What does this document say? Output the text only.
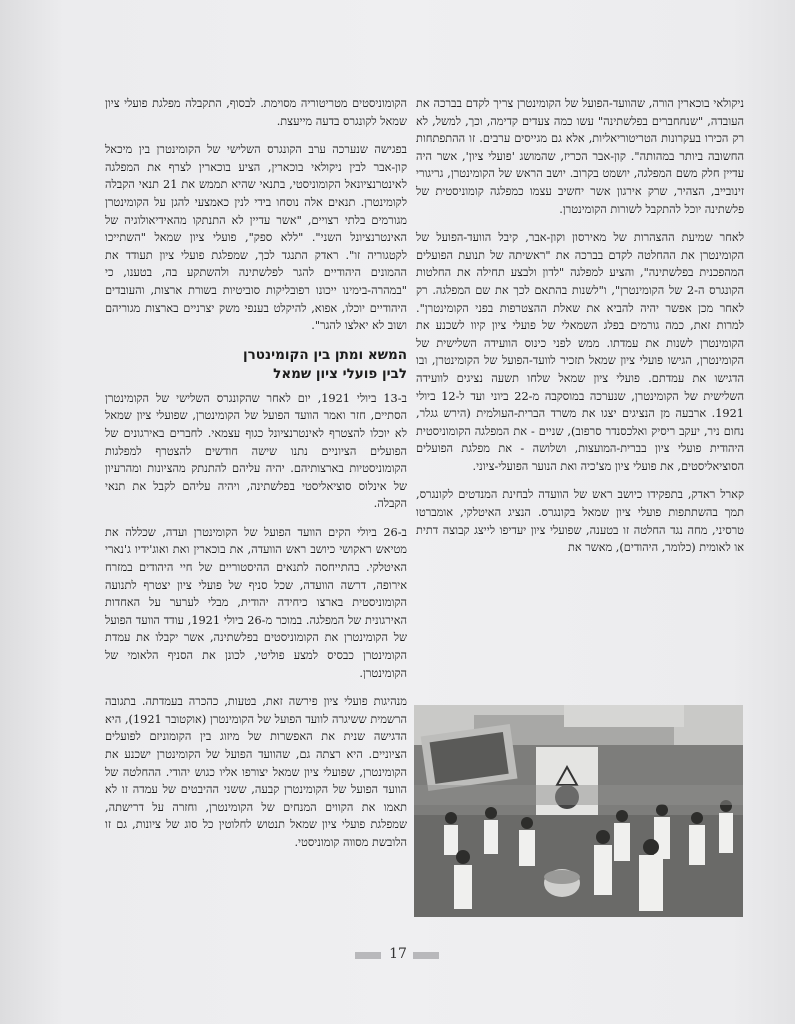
ניקולאי בוכארין הורה, שהוועד-הפועל של הקומינטרן צריך לקדם בברכה את העובדה, "שנחחברים בפלשתינה" עשו כמה צעדים קדימה, וכך, למשל, לא רק הכירו בעקרונות הטריטוריאליות, אלא גם מגייסים ערבים. זו ההתפתחות החשובה ביותר במהותה". קון-אבר הכריז, שהמושג 'פועלי ציון', אשר היה עדיין חלק משם המפלגה, יושמט בקרוב. יושב הראש של הקומינטרן, גריגורי זינובייב, הצהיר, שרק אירגון אשר יחשיב עצמו כמפלגה קומוניסטית של פלשתינה יוכל להתקבל לשורות הקומינטרן.

לאחר שמיעת ההצהרות של מאירסון וקון-אבר, קיבל הוועד-הפועל של הקומינטרן את ההחלטה לקדם בברכה את "ראשיתה של תנועת הפועלים המהפכנית בפלשתינה", והציע למפלגה "לדון ולבצע תחילה את החלטות הקונגרס ה-2 של הקומינטרן", ו"לשנות בהתאם לכך את שם המפלגה. רק לאחר מכן אפשר יהיה להביא את שאלת ההצטרפות בפני הקומינטרן". למרות זאת, כמה גורמים בפלג השמאלי של פועלי ציון קיוו לשכנע את הקומינטרן לשנות את עמדתו. ממש לפני כינוס הוועידה השלישית של הקומינטרן, הגישו פועלי ציון שמאל תזכיר לוועד-הפועל של הקומינטרן, ובו הדגישו את עמדתם. פועלי ציון שמאל שלחו תשעה נציגים לוועידה השלישית של הקומינטרן, שנערכה במוסקבה מ-22 ביוני ועד ל-12 ביולי 1921. ארבעה מן הנציגים יצגו את משרד הברית-העולמית (הירש גגלר, נחום ניר, יעקב ריסיק ואלכסנדר סרפוב), שניים - את המפלגה הקומוניסטית היהודית פועלי ציון בברית-המועצות, ושלושה - את מפלגת הפועלים הסוציאליסטים, את פועלי ציון מצ'כיה ואת הנוער הפועלי-ציוני.

קארל ראדק, בתפקידו כיושב ראש של הוועדה לבחינת המנדטים לקונגרס, תמך בהשתתפות פועלי ציון שמאל בקונגרס. הנציג האיטלקי, אומברטו טרסיני, מחה נגד החלטה זו בטענה, שפועלי ציון יעדיפו לייצג קבוצה דתית או לאומית (כלומר, היהודים), מאשר את

הקומוניסטים מטריטוריה מסוימת. לבסוף, התקבלה מפלגת פועלי ציון שמאל לקונגרס בדעה מייעצת.

בפגישה שנערכה ערב הקונגרס השלישי של הקומינטרן בין מיכאל קון-אבר לבין ניקולאי בוכארין, הציע בוכארין לצרף את המפלגה לאינטרנציונאל הקומוניסטי, בתנאי שהיא תממש את 21 תנאי הקבלה לקומינטרן. תנאים אלה נוסחו בידי לנין כאמצעי להגן על הקומינטרן מגורמים בלתי רצויים, "אשר עדיין לא התנתקו מהאידיאולוגיה של האינטרנציונל השני". "ללא ספק", פועלי ציון שמאל "השתייכו לקטגוריה זו". ראדק התנגד לכך, שמפלגת פועלי ציון תעודד את ההמונים היהודיים להגר לפלשתינה ולהשתקע בה, בטענו, כי "במהרה-בימינו ייכונו רפובליקות סוביטיות בשורת ארצות, והעובדים היהודיים יוכלו, אפוא, להיקלט בענפי משק יצרניים בארצות מגוריהם ושוב לא יאלצו להגר".

המשא ומתן בין הקומינטרן
לבין פועלי ציון שמאל

ב-13 ביולי 1921, יום לאחר שהקונגרס השלישי של הקומינטרן הסתיים, חזר ואמר הוועד הפועל של הקומינטרן, שפועלי ציון שמאל לא יוכלו להצטרף לאינטרנציונל כגוף עצמאי. לחברים באירגונים של הפועלים הציוניים נתנו שישה חודשים להצטרף למפלגות הקומוניסטיות בארצותיהם. יהיה עליהם להתנתק מהציונות ומהרעיון של אינלוס סוציאליסטי בפלשתינה, ויהיה עליהם לקבל את תנאי הקבלה.

ב-26 ביולי הקים הוועד הפועל של הקומינטרן ועדה, שכללה את מטיאש ראקושי כיושב ראש הוועדה, את בוכארין ואת ואוג'ידיו ג'נארי האיטלקי. בהתייחסה לתנאים ההיסטוריים של חיי היהודים במזרח אירופה, דרשה הוועדה, שכל סניף של פועלי ציון יצטרף לתנועה הקומוניסטית בארצו כיחידה יהודית, מבלי לערער על האחדות האירגונית של המפלגה. במוכר מ-26 ביולי 1921, עודד הוועד הפועל של הקומינטרן את הקומוניסטים בפלשתינה, אשר יקבלו את עמדת הקומינטרן כבסיס למצע פוליטי, לכונן את הסניף הלאומי של הקומינטרן.

מנהיגות פועלי ציון פירשה זאת, בטעות, כהכרה בעמדתה. בתגובה הרשמית ששיגרה לוועד הפועל של הקומינטרן (אוקטובר 1921), היא הדגישה שנית את האפשרות של מיזוג בין הקומוניזם לפועלים הציוניים. היא רצתה גם, שהוועד הפועל של הקומינטרן ישכנע את הקומינטרן, שפועלי ציון שמאל יצורפו אליו כגוש יהודי. ההחלטה של הוועד הפועל של הקומינטרן קבעה, ששני ההיבטים של עמדה זו לא תאמו את הקווים המנחים של הקומינטרן, וחזרה על דרישתה, שמפלגת פועלי ציון שמאל תנטוש לחלוטין כל סוג של ציונות, גם זו הלובשת מסווה קומוניסטי.

17
